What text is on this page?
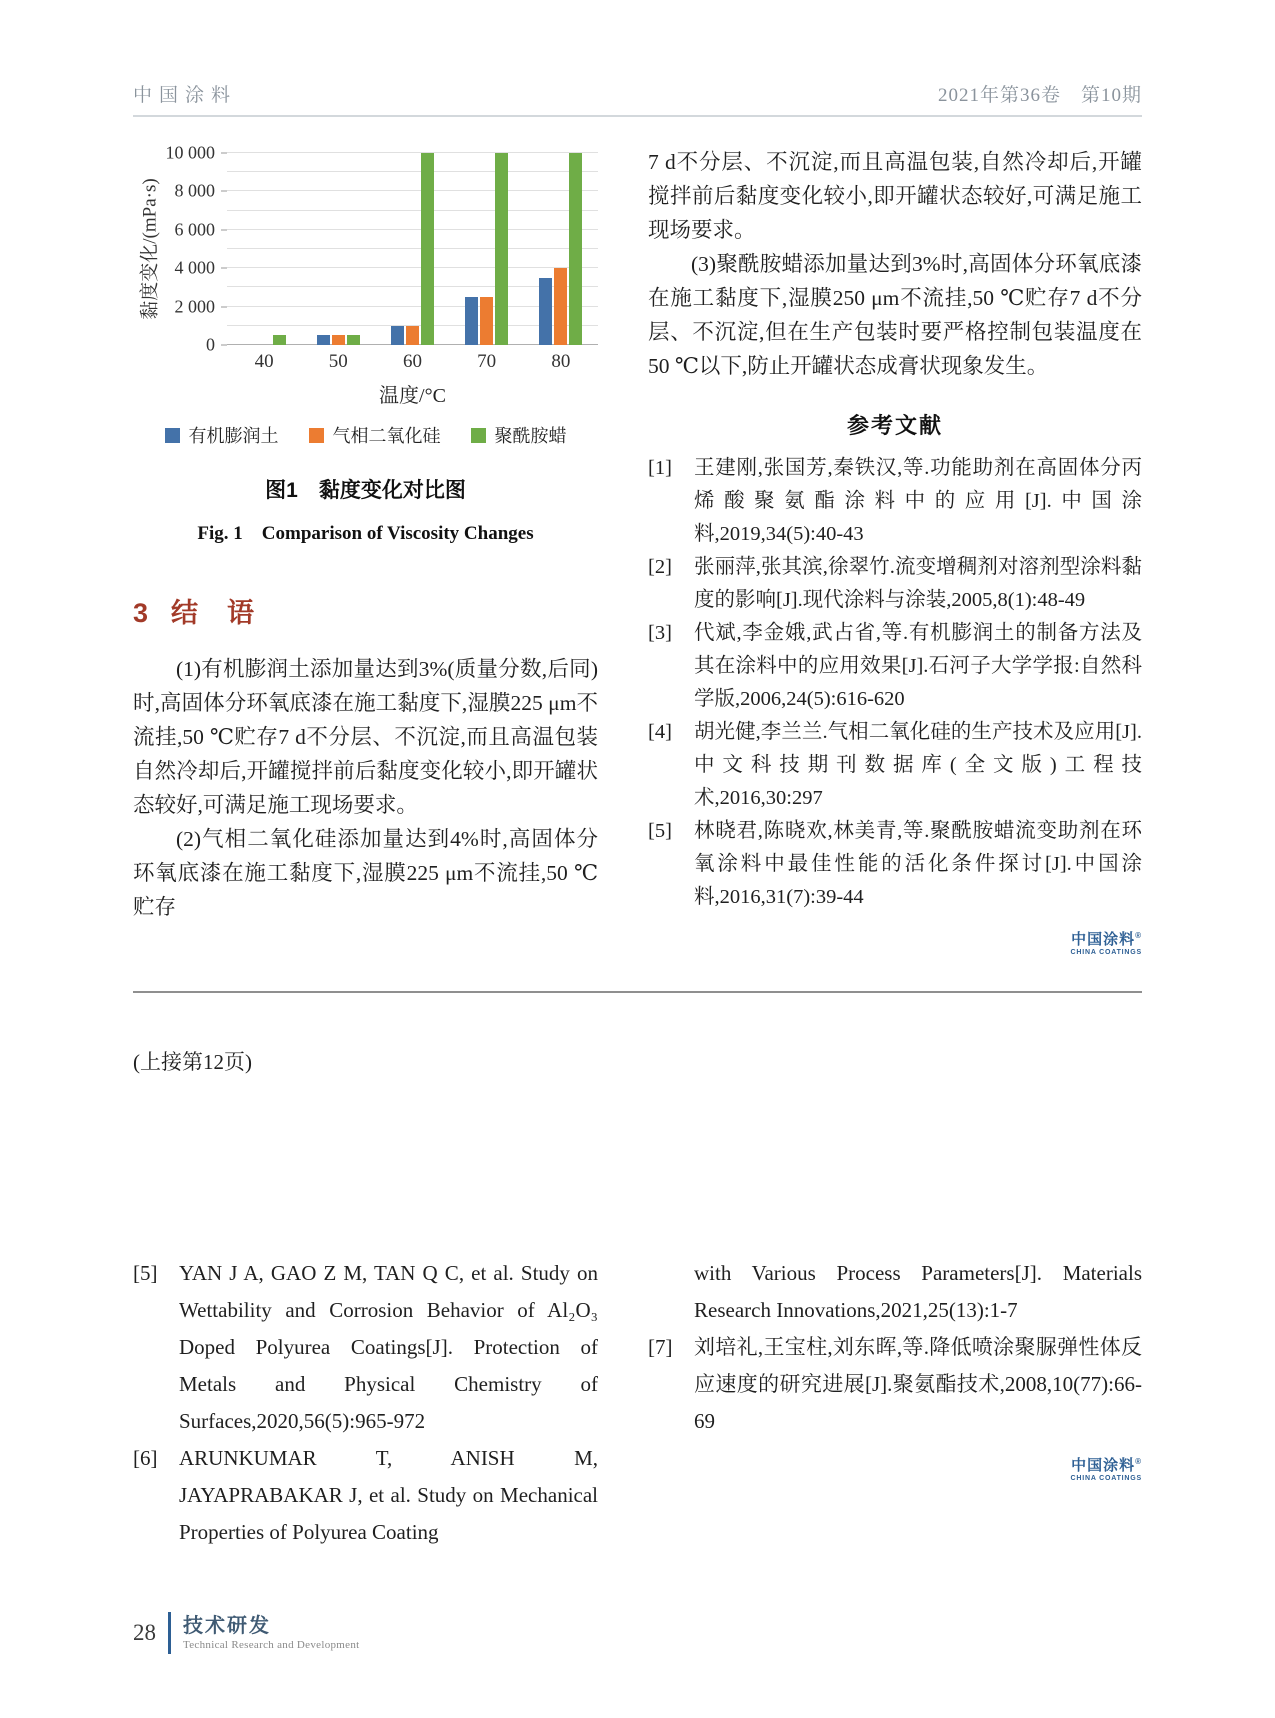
中国涂料	2021年第36卷　第10期
黏度变化/(mPa·s)
0
2 000
4 000
6 000
8 000
10 000
40	50	60	70	80
温度/°C
有机膨润土	气相二氧化硅	聚酰胺蜡
图1　黏度变化对比图
Fig. 1　Comparison of Viscosity Changes
3 结　语

(1)有机膨润土添加量达到3%(质量分数,后同)时,高固体分环氧底漆在施工黏度下,湿膜225 μm不流挂,50 ℃贮存7 d不分层、不沉淀,而且高温包装自然冷却后,开罐搅拌前后黏度变化较小,即开罐状态较好,可满足施工现场要求。

(2)气相二氧化硅添加量达到4%时,高固体分环氧底漆在施工黏度下,湿膜225 μm不流挂,50 ℃贮存

7 d不分层、不沉淀,而且高温包装,自然冷却后,开罐搅拌前后黏度变化较小,即开罐状态较好,可满足施工现场要求。

(3)聚酰胺蜡添加量达到3%时,高固体分环氧底漆在施工黏度下,湿膜250 μm不流挂,50 ℃贮存7 d不分层、不沉淀,但在生产包装时要严格控制包装温度在50 ℃以下,防止开罐状态成膏状现象发生。

参考文献
[1]	王建刚,张国芳,秦铁汉,等.功能助剂在高固体分丙烯酸聚氨酯涂料中的应用[J].中国涂料,2019,34(5):40-43
[2]	张丽萍,张其滨,徐翠竹.流变增稠剂对溶剂型涂料黏度的影响[J].现代涂料与涂装,2005,8(1):48-49
[3]	代斌,李金娥,武占省,等.有机膨润土的制备方法及其在涂料中的应用效果[J].石河子大学学报:自然科学版,2006,24(5):616-620
[4]	胡光健,李兰兰.气相二氧化硅的生产技术及应用[J].中文科技期刊数据库(全文版)工程技术,2016,30:297
[5]	林晓君,陈晓欢,林美青,等.聚酰胺蜡流变助剂在环氧涂料中最佳性能的活化条件探讨[J].中国涂料,2016,31(7):39-44
中国涂料®
CHINA COATINGS
(上接第12页)
[5]	YAN J A, GAO Z M, TAN Q C, et al. Study on Wettability and Corrosion Behavior of Al₂O₃ Doped Polyurea Coatings[J]. Protection of Metals and Physical Chemistry of Surfaces,2020,56(5):965-972
[6]	ARUNKUMAR T, ANISH M, JAYAPRABAKAR J, et al. Study on Mechanical Properties of Polyurea Coating
with Various Process Parameters[J]. Materials Research Innovations,2021,25(13):1-7
[7]	刘培礼,王宝柱,刘东晖,等.降低喷涂聚脲弹性体反应速度的研究进展[J].聚氨酯技术,2008,10(77):66-69
中国涂料®
CHINA COATINGS
28 技术研发
Technical Research and Development
